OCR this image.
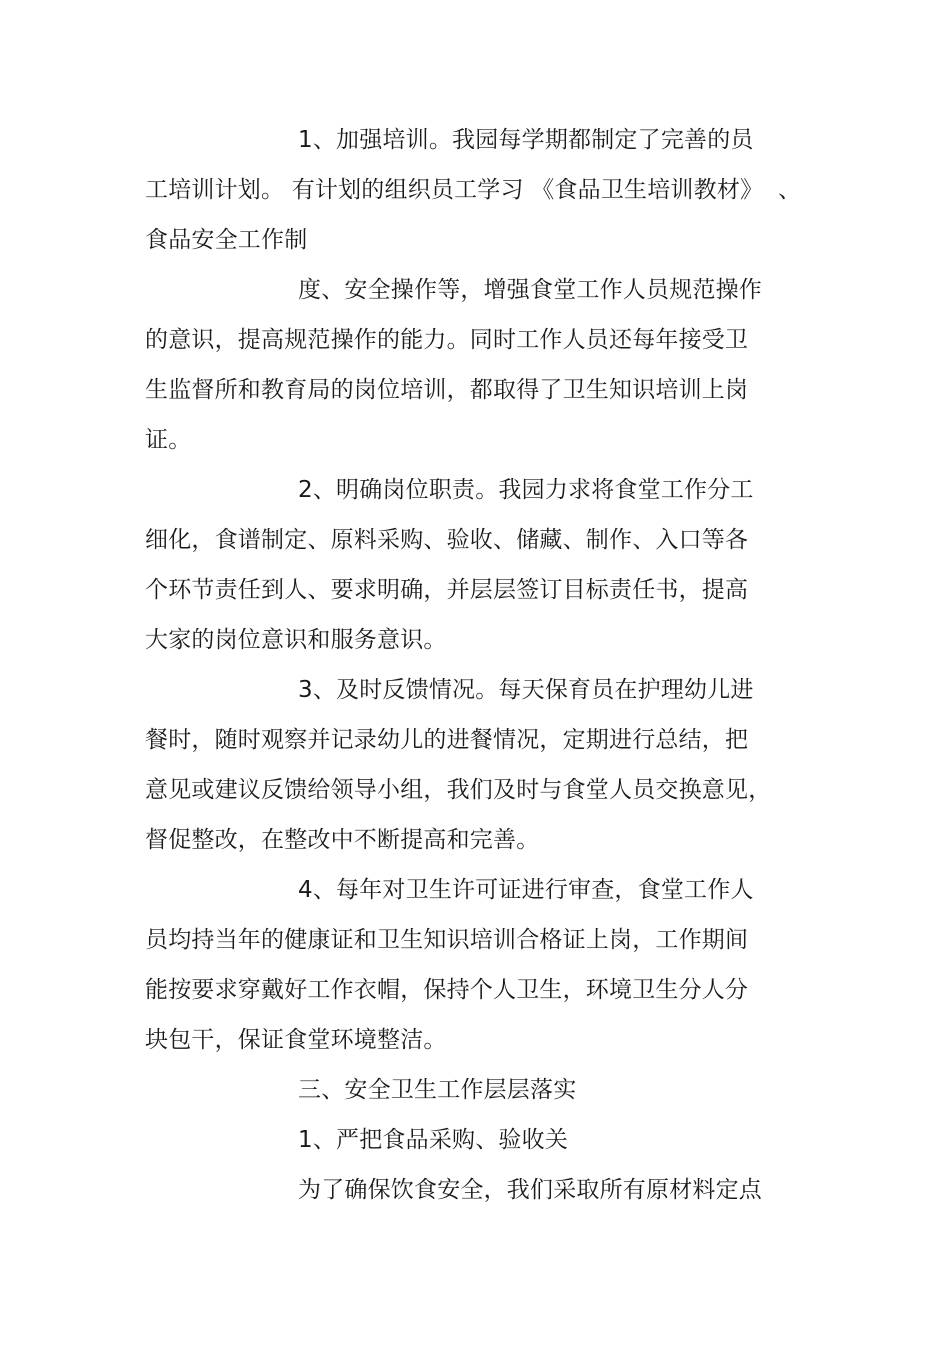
1、加强培训。我园每学期都制定了完善的员
工培训计划。 有计划的组织员工学习 《食品卫生培训教材》 、
食品安全工作制
度、安全操作等，增强食堂工作人员规范操作
的意识，提高规范操作的能力。同时工作人员还每年接受卫
生监督所和教育局的岗位培训，都取得了卫生知识培训上岗
证。
2、明确岗位职责。我园力求将食堂工作分工
细化，食谱制定、原料采购、验收、储藏、制作、入口等各
个环节责任到人、要求明确，并层层签订目标责任书，提高
大家的岗位意识和服务意识。
3、及时反馈情况。每天保育员在护理幼儿进
餐时，随时观察并记录幼儿的进餐情况，定期进行总结，把
意见或建议反馈给领导小组，我们及时与食堂人员交换意见，
督促整改，在整改中不断提高和完善。
4、每年对卫生许可证进行审查，食堂工作人
员均持当年的健康证和卫生知识培训合格证上岗，工作期间
能按要求穿戴好工作衣帽，保持个人卫生，环境卫生分人分
块包干，保证食堂环境整洁。
三、安全卫生工作层层落实
1、严把食品采购、验收关
为了确保饮食安全，我们采取所有原材料定点
